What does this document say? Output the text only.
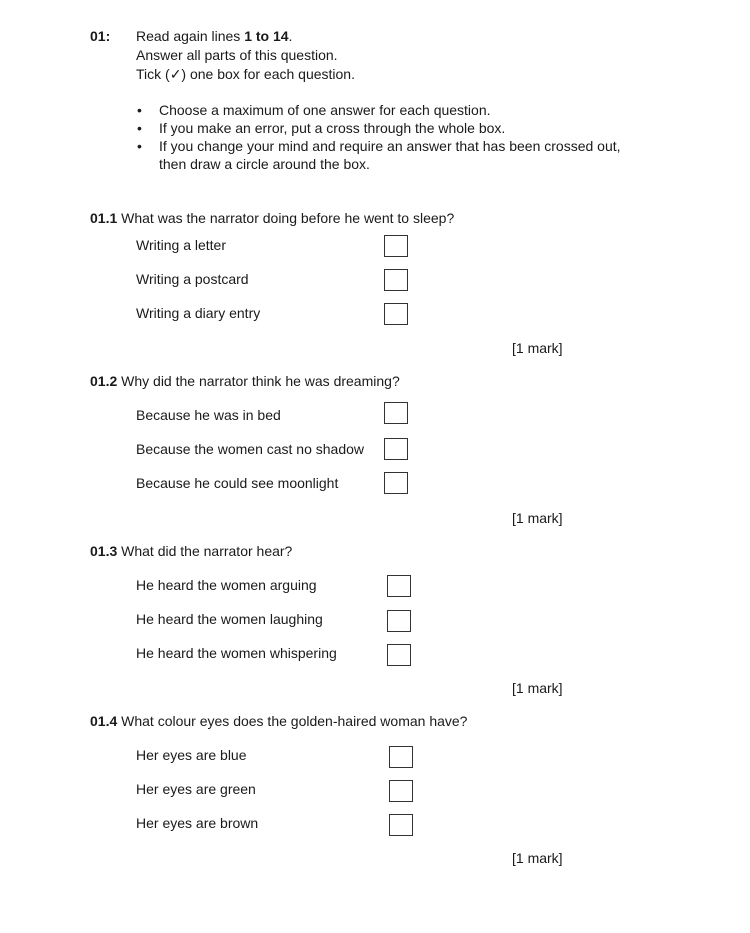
01: Read again lines 1 to 14.
Answer all parts of this question.
Tick (✓) one box for each question.
• Choose a maximum of one answer for each question.
• If you make an error, put a cross through the whole box.
• If you change your mind and require an answer that has been crossed out,
then draw a circle around the box.
01.1 What was the narrator doing before he went to sleep?
Writing a letter
Writing a postcard
Writing a diary entry
[1 mark]
01.2 Why did the narrator think he was dreaming?
Because he was in bed
Because the women cast no shadow
Because he could see moonlight
[1 mark]
01.3 What did the narrator hear?
He heard the women arguing
He heard the women laughing
He heard the women whispering
[1 mark]
01.4 What colour eyes does the golden-haired woman have?
Her eyes are blue
Her eyes are green
Her eyes are brown
[1 mark]
